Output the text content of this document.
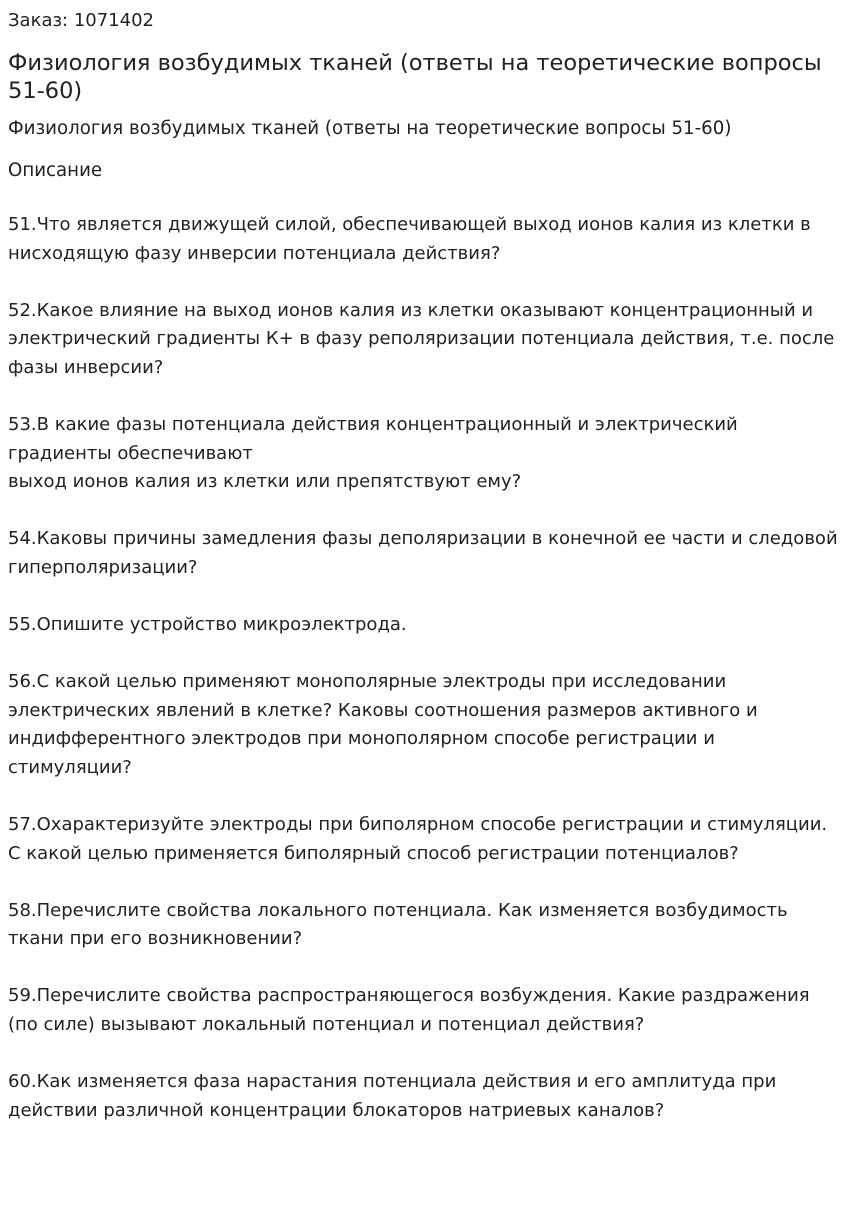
Заказ: 1071402
Физиология возбудимых тканей (ответы на теоретические вопросы 51-60)
Физиология возбудимых тканей (ответы на теоретические вопросы 51-60)
Описание
51.Что является движущей силой, обеспечивающей выход ионов калия из клетки в нисходящую фазу инверсии потенциала действия?
52.Какое влияние на выход ионов калия из клетки оказывают концентрационный и электрический градиенты К+ в фазу реполяризации потенциала действия, т.е. после фазы инверсии?
53.В какие фазы потенциала действия концентрационный и электрический градиенты обеспечивают
выход ионов калия из клетки или препятствуют ему?
54.Каковы причины замедления фазы деполяризации в конечной ее части и следовой гиперполяризации?
55.Опишите устройство микроэлектрода.
56.С какой целью применяют монополярные электроды при исследовании электрических явлений в клетке? Каковы соотношения размеров активного и индифферентного электродов при монополярном способе регистрации и стимуляции?
57.Охарактеризуйте электроды при биполярном способе регистрации и стимуляции. С какой целью применяется биполярный способ регистрации потенциалов?
58.Перечислите свойства локального потенциала. Как изменяется возбудимость ткани при его возникновении?
59.Перечислите свойства распространяющегося возбуждения. Какие раздражения (по силе) вызывают локальный потенциал и потенциал действия?
60.Как изменяется фаза нарастания потенциала действия и его амплитуда при действии различной концентрации блокаторов натриевых каналов?
